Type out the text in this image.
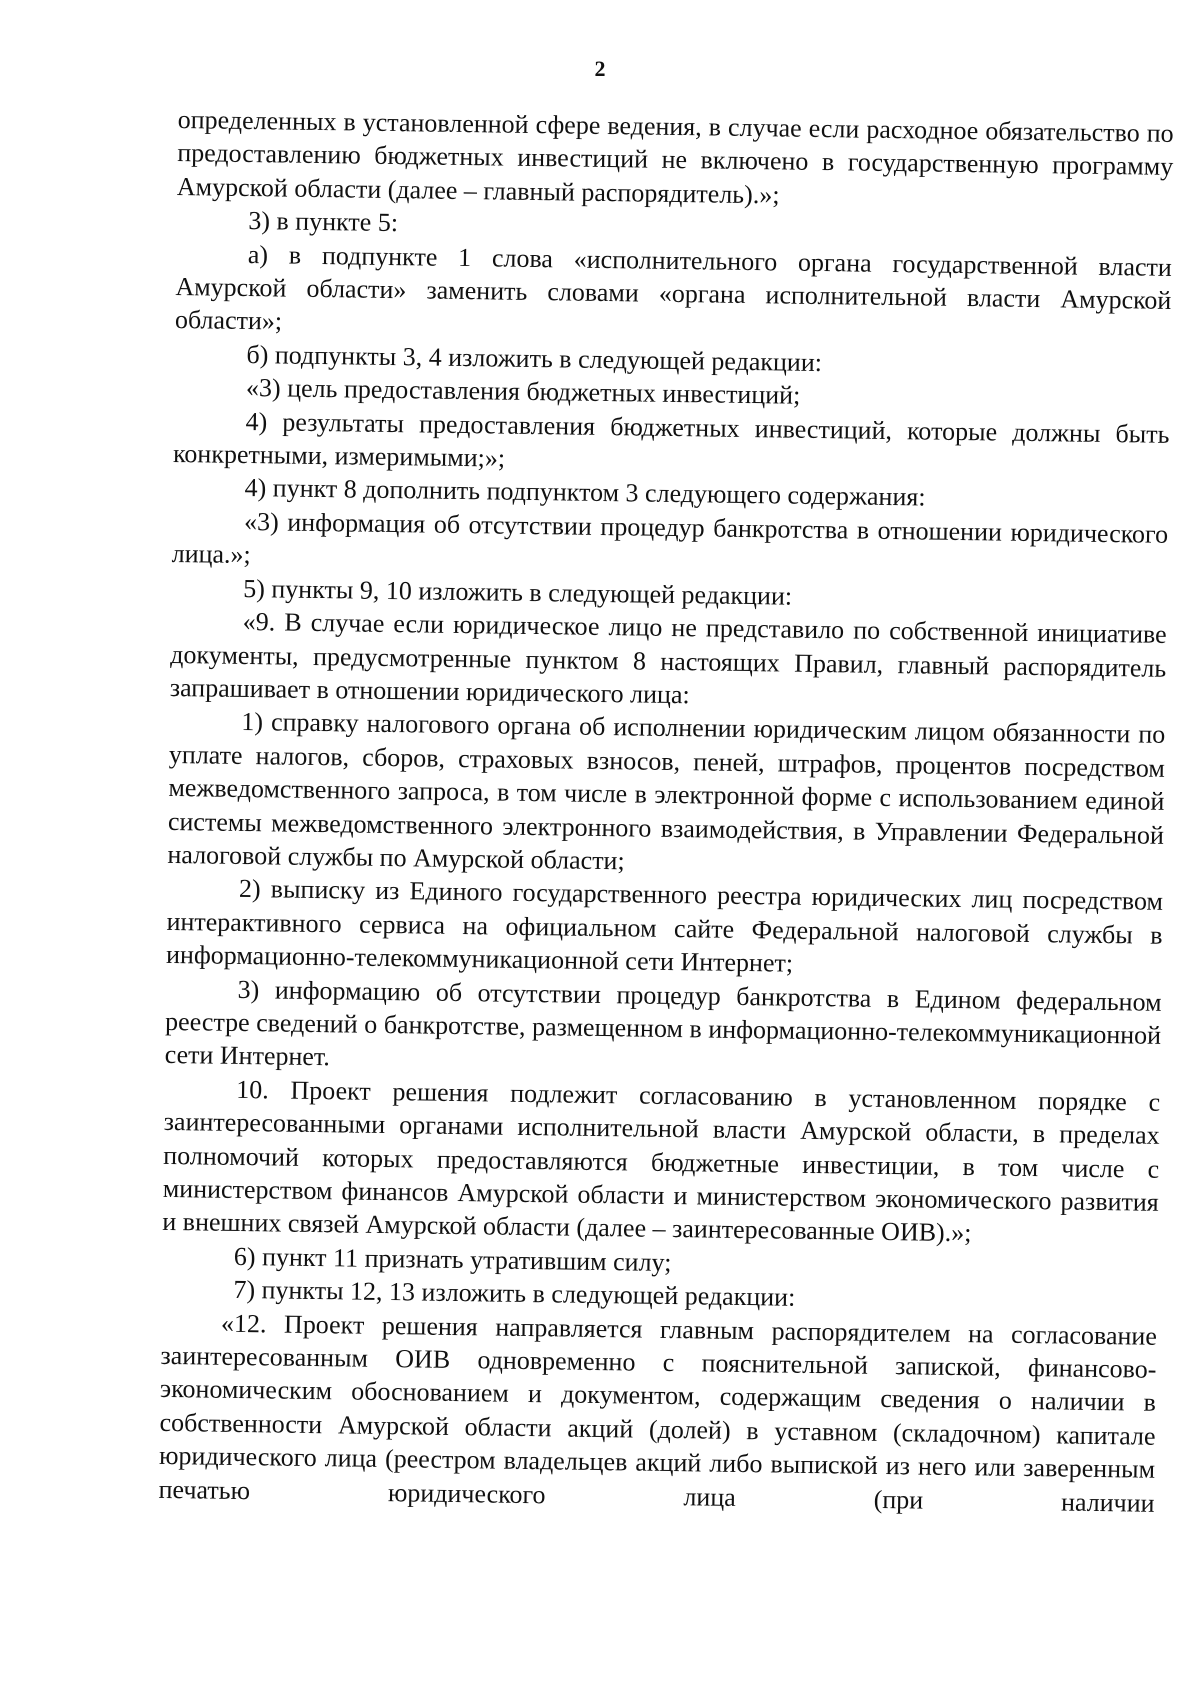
2

определенных в установленной сфере ведения, в случае если расходное обязательство по предоставлению бюджетных инвестиций не включено в государственную программу Амурской области (далее – главный распорядитель).»;

3) в пункте 5:

а) в подпункте 1 слова «исполнительного органа государственной власти Амурской области» заменить словами «органа исполнительной власти Амурской области»;

б) подпункты 3, 4 изложить в следующей редакции:

«3) цель предоставления бюджетных инвестиций;

4) результаты предоставления бюджетных инвестиций, которые должны быть конкретными, измеримыми;»;

4) пункт 8 дополнить подпунктом 3 следующего содержания:

«3) информация об отсутствии процедур банкротства в отношении юридического лица.»;

5) пункты 9, 10 изложить в следующей редакции:

«9. В случае если юридическое лицо не представило по собственной инициативе документы, предусмотренные пунктом 8 настоящих Правил, главный распорядитель запрашивает в отношении юридического лица:

1) справку налогового органа об исполнении юридическим лицом обязанности по уплате налогов, сборов, страховых взносов, пеней, штрафов, процентов посредством межведомственного запроса, в том числе в электронной форме с использованием единой системы межведомственного электронного взаимодействия, в Управлении Федеральной налоговой службы по Амурской области;

2) выписку из Единого государственного реестра юридических лиц посредством интерактивного сервиса на официальном сайте Федеральной налоговой службы в информационно-телекоммуникационной сети Интернет;

3) информацию об отсутствии процедур банкротства в Едином федеральном реестре сведений о банкротстве, размещенном в информационно-телекоммуникационной сети Интернет.

10. Проект решения подлежит согласованию в установленном порядке с заинтересованными органами исполнительной власти Амурской области, в пределах полномочий которых предоставляются бюджетные инвестиции, в том числе с министерством финансов Амурской области и министерством экономического развития и внешних связей Амурской области (далее – заинтересованные ОИВ).»;

6) пункт 11 признать утратившим силу;

7) пункты 12, 13 изложить в следующей редакции:

«12. Проект решения направляется главным распорядителем на согласование заинтересованным ОИВ одновременно с пояснительной запиской, финансово-экономическим обоснованием и документом, содержащим сведения о наличии в собственности Амурской области акций (долей) в уставном (складочном) капитале юридического лица (реестром владельцев акций либо выпиской из него или заверенным печатью юридического лица (при наличии
